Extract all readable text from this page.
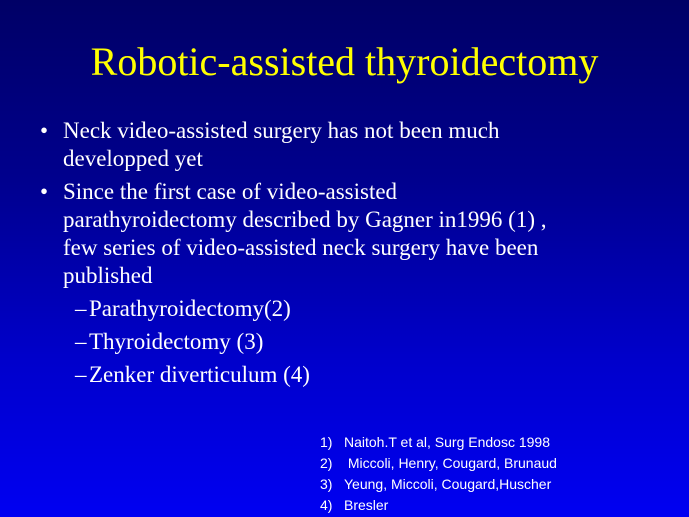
Robotic-assisted thyroidectomy
• Neck video-assisted surgery has not been much
developped yet
• Since the first case of video-assisted
parathyroidectomy described by Gagner in1996 (1) ,
few series of video-assisted neck surgery have been
published
– Parathyroidectomy(2)
– Thyroidectomy (3)
– Zenker diverticulum (4)
1) Naitoh.T et al, Surg Endosc 1998
2) Miccoli, Henry, Cougard, Brunaud
3) Yeung, Miccoli, Cougard,Huscher
4) Bresler
